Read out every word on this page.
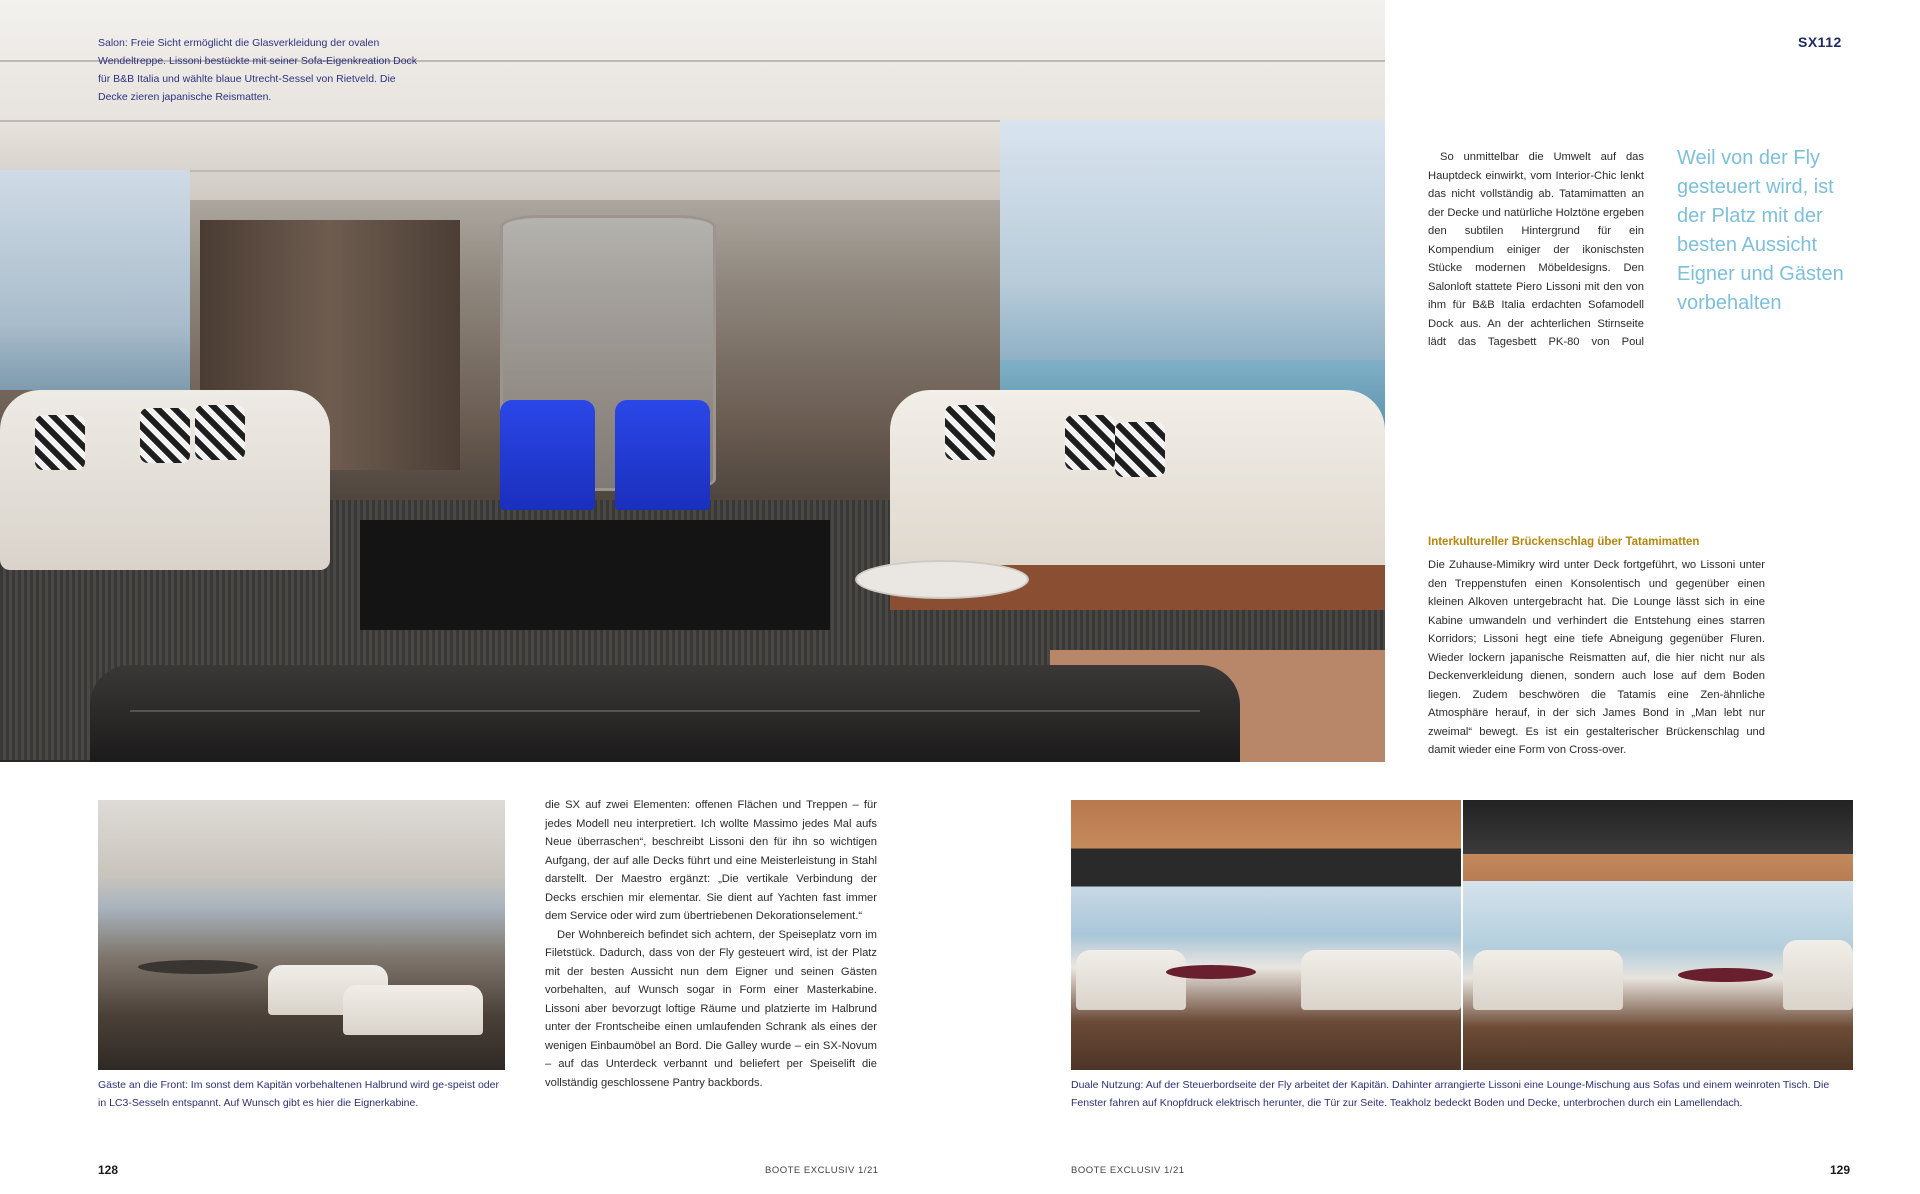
Salon: Freie Sicht ermöglicht die Glasverkleidung der ovalen Wendeltreppe. Lissoni bestückte mit seiner Sofa-Eigenkreation Dock für B&B Italia und wählte blaue Utrecht-Sessel von Rietveld. Die Decke zieren japanische Reismatten.
SX112
Weil von der Fly gesteuert wird, ist der Platz mit der besten Aussicht Eigner und Gästen vorbehalten

So unmittelbar die Umwelt auf das Hauptdeck einwirkt, vom Interior-Chic lenkt das nicht vollständig ab. Tatamimatten an der Decke und natürliche Holztöne ergeben den subtilen Hintergrund für ein Kompendium einiger der ikonischsten Stücke modernen Möbeldesigns. Den Salonloft stattete Piero Lissoni mit den von ihm für B&B Italia erdachten Sofamodell Dock aus. An der achterlichen Stirnseite lädt das Tagesbett PK-80 von Poul

Interkultureller Brückenschlag über Tatamimatten

Die Zuhause-Mimikry wird unter Deck fortgeführt, wo Lissoni unter den Treppenstufen einen Konsolentisch und gegenüber einen kleinen Alkoven untergebracht hat. Die Lounge lässt sich in eine Kabine umwandeln und verhindert die Entstehung eines starren Korridors; Lissoni hegt eine tiefe Abneigung gegenüber Fluren. Wieder lockern japanische Reismatten auf, die hier nicht nur als Deckenverkleidung dienen, sondern auch lose auf dem Boden liegen. Zudem beschwören die Tatamis eine Zen-ähnliche Atmosphäre herauf, in der sich James Bond in „Man lebt nur zweimal“ bewegt. Es ist ein gestalterischer Brückenschlag und damit wieder eine Form von Cross-over.

Gäste an die Front: Im sonst dem Kapitän vorbehaltenen Halbrund wird ge-speist oder in LC3-Sesseln entspannt. Auf Wunsch gibt es hier die Eignerkabine.

die SX auf zwei Elementen: offenen Flächen und Treppen – für jedes Modell neu interpretiert. Ich wollte Massimo jedes Mal aufs Neue überraschen“, beschreibt Lissoni den für ihn so wichtigen Aufgang, der auf alle Decks führt und eine Meisterleistung in Stahl darstellt. Der Maestro ergänzt: „Die vertikale Verbindung der Decks erschien mir elementar. Sie dient auf Yachten fast immer dem Service oder wird zum übertriebenen Dekorationselement.“

Der Wohnbereich befindet sich achtern, der Speiseplatz vorn im Filetstück. Dadurch, dass von der Fly gesteuert wird, ist der Platz mit der besten Aussicht nun dem Eigner und seinen Gästen vorbehalten, auf Wunsch sogar in Form einer Masterkabine. Lissoni aber bevorzugt loftige Räume und platzierte im Halbrund unter der Frontscheibe einen umlaufenden Schrank als eines der wenigen Einbaumöbel an Bord. Die Galley wurde – ein SX-Novum – auf das Unterdeck verbannt und beliefert per Speiselift die vollständig geschlossene Pantry backbords.	Duale Nutzung: Auf der Steuerbordseite der Fly arbeitet der Kapitän. Dahinter arrangierte Lissoni eine Lounge-Mischung aus Sofas und einem weinroten Tisch. Die Fenster fahren auf Knopfdruck elektrisch herunter, die Tür zur Seite. Teakholz bedeckt Boden und Decke, unterbrochen durch ein Lamellendach.
128	BOOTE EXCLUSIV 1/21	BOOTE EXCLUSIV 1/21	129
